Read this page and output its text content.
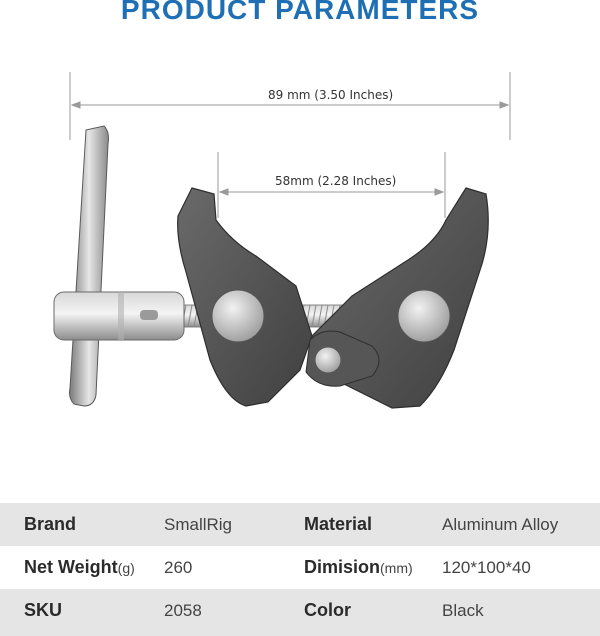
PRODUCT PARAMETERS
89 mm (3.50 Inches)
58mm (2.28 Inches)
Brand	SmallRig	Material	Aluminum Alloy
Net Weight(g) 260	Dimision(mm) 120*100*40
SKU	2058	Color	Black
